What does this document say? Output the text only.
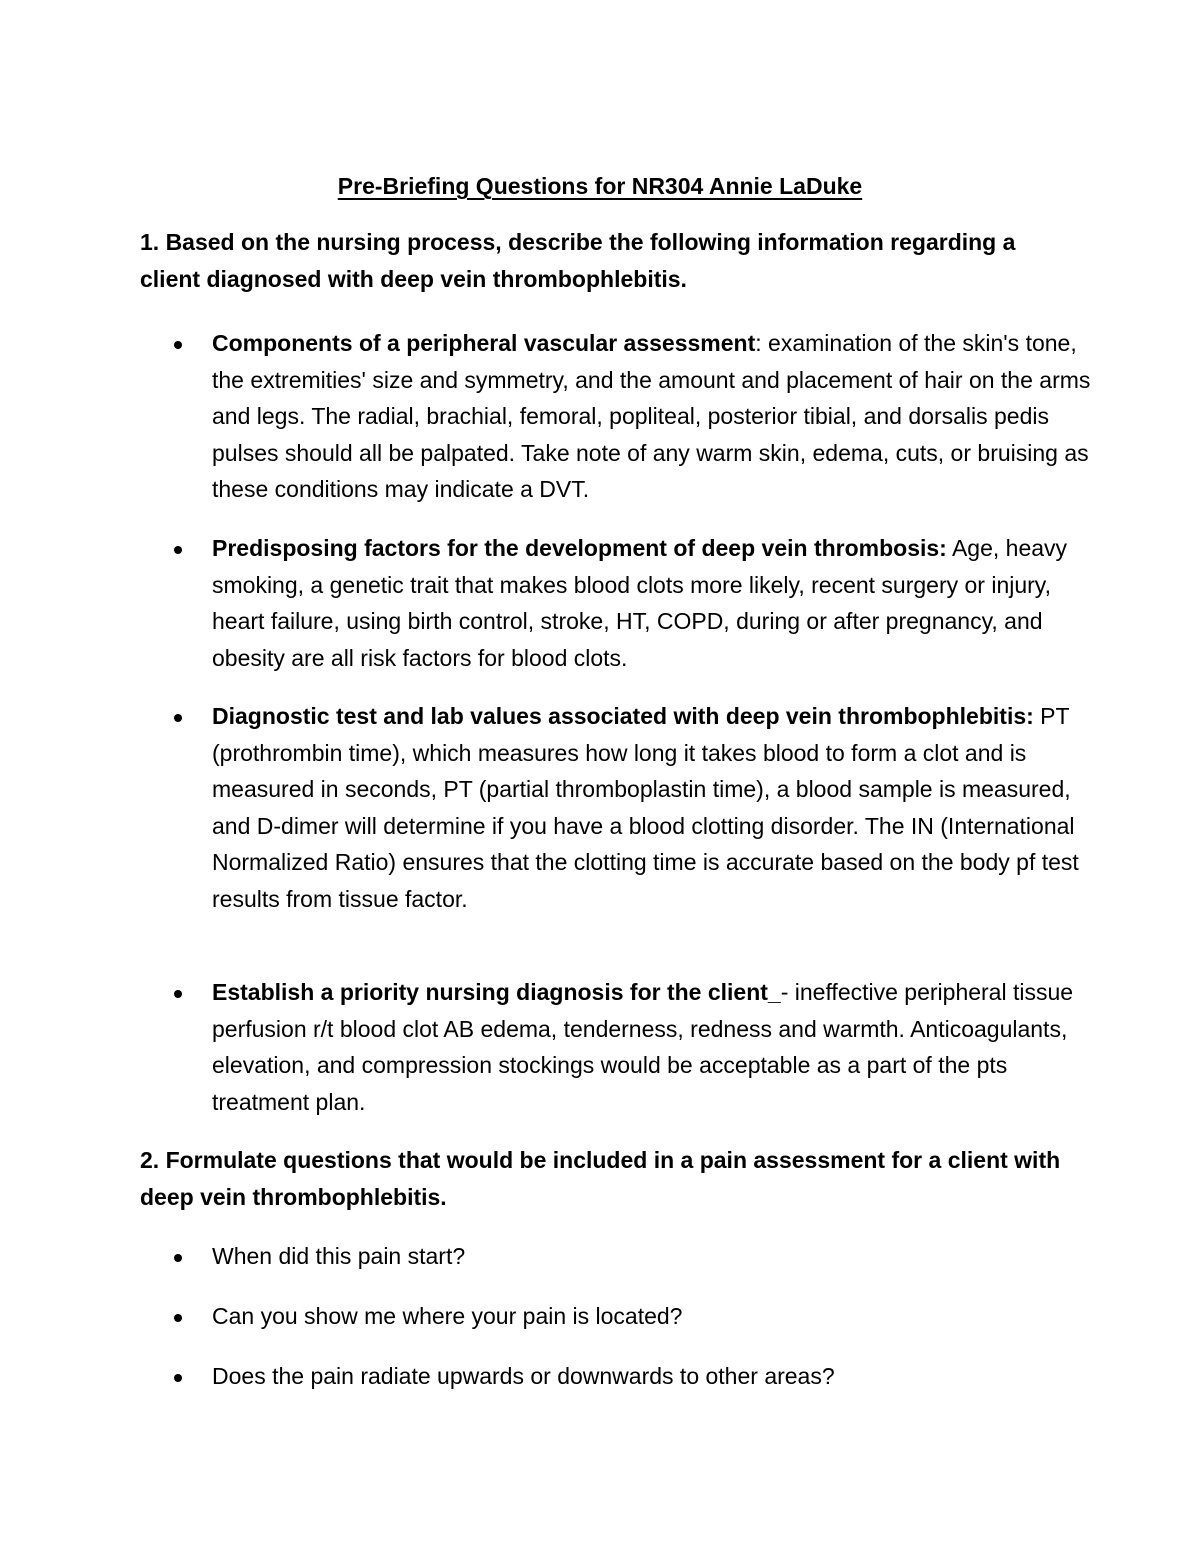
Pre-Briefing Questions for NR304 Annie LaDuke
1. Based on the nursing process, describe the following information regarding a client diagnosed with deep vein thrombophlebitis.
Components of a peripheral vascular assessment: examination of the skin's tone, the extremities' size and symmetry, and the amount and placement of hair on the arms and legs. The radial, brachial, femoral, popliteal, posterior tibial, and dorsalis pedis pulses should all be palpated. Take note of any warm skin, edema, cuts, or bruising as these conditions may indicate a DVT.
Predisposing factors for the development of deep vein thrombosis: Age, heavy smoking, a genetic trait that makes blood clots more likely, recent surgery or injury, heart failure, using birth control, stroke, HT, COPD, during or after pregnancy, and obesity are all risk factors for blood clots.
Diagnostic test and lab values associated with deep vein thrombophlebitis: PT (prothrombin time), which measures how long it takes blood to form a clot and is measured in seconds, PT (partial thromboplastin time), a blood sample is measured, and D-dimer will determine if you have a blood clotting disorder. The IN (International Normalized Ratio) ensures that the clotting time is accurate based on the body pf test results from tissue factor.
Establish a priority nursing diagnosis for the client_- ineffective peripheral tissue perfusion r/t blood clot AB edema, tenderness, redness and warmth. Anticoagulants, elevation, and compression stockings would be acceptable as a part of the pts treatment plan.
2. Formulate questions that would be included in a pain assessment for a client with deep vein thrombophlebitis.
When did this pain start?
Can you show me where your pain is located?
Does the pain radiate upwards or downwards to other areas?
